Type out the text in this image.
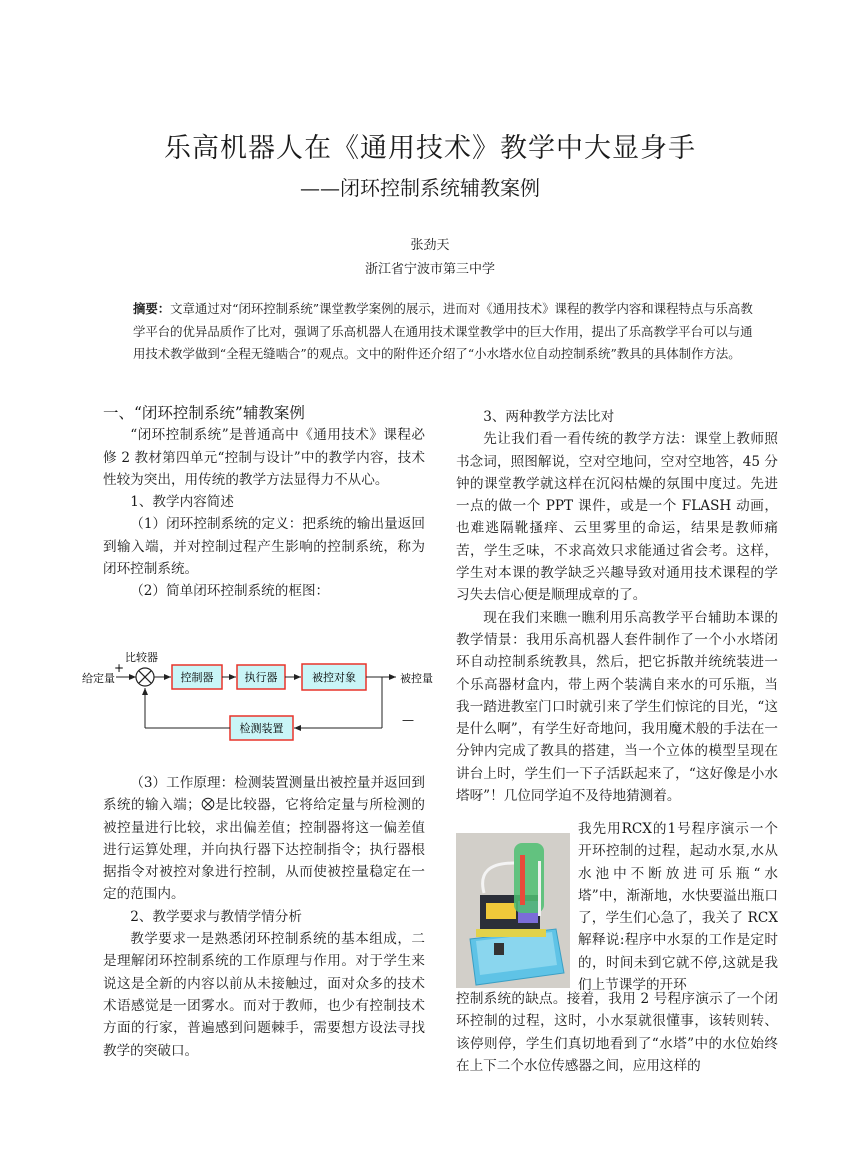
乐高机器人在《通用技术》教学中大显身手
——闭环控制系统辅教案例
张劲天
浙江省宁波市第三中学
摘要：文章通过对“闭环控制系统”课堂教学案例的展示，进而对《通用技术》课程的教学内容和课程特点与乐高教学平台的优异品质作了比对，强调了乐高机器人在通用技术课堂教学中的巨大作用，提出了乐高教学平台可以与通用技术教学做到“全程无缝啮合”的观点。文中的附件还介绍了“小水塔水位自动控制系统”教具的具体制作方法。

一、“闭环控制系统”辅教案例

“闭环控制系统”是普通高中《通用技术》课程必修 2 教材第四单元“控制与设计”中的教学内容，技术性较为突出，用传统的教学方法显得力不从心。

1、教学内容简述

（1）闭环控制系统的定义：把系统的输出量返回到输入端，并对控制过程产生影响的控制系统，称为闭环控制系统。

（2）简单闭环控制系统的框图：

比较器
+
给定量	控制器	执行器	被控对象	被控量
检测装置
—

（3）工作原理：检测装置测量出被控量并返回到系统的输入端； 是比较器，它将给定量与所检测的被控量进行比较，求出偏差值；控制器将这一偏差值进行运算处理，并向执行器下达控制指令；执行器根据指令对被控对象进行控制，从而使被控量稳定在一定的范围内。

2、教学要求与教情学情分析

教学要求一是熟悉闭环控制系统的基本组成，二是理解闭环控制系统的工作原理与作用。对于学生来说这是全新的内容以前从未接触过，面对众多的技术术语感觉是一团雾水。而对于教师，也少有控制技术方面的行家，普遍感到问题棘手，需要想方设法寻找教学的突破口。

3、两种教学方法比对

先让我们看一看传统的教学方法：课堂上教师照书念词，照图解说，空对空地问，空对空地答，45 分钟的课堂教学就这样在沉闷枯燥的氛围中度过。先进一点的做一个 PPT 课件，或是一个 FLASH 动画，也难逃隔靴搔痒、云里雾里的命运，结果是教师痛苦，学生乏味，不求高效只求能通过省会考。这样，学生对本课的教学缺乏兴趣导致对通用技术课程的学习失去信心便是顺理成章的了。

现在我们来瞧一瞧利用乐高教学平台辅助本课的教学情景：我用乐高机器人套件制作了一个小水塔闭环自动控制系统教具，然后，把它拆散并统统装进一个乐高器材盒内，带上两个装满自来水的可乐瓶，当我一踏进教室门口时就引来了学生们惊诧的目光，“这是什么啊”，有学生好奇地问，我用魔术般的手法在一分钟内完成了教具的搭建，当一个立体的模型呈现在讲台上时，学生们一下子活跃起来了，“这好像是小水塔呀”！几位同学迫不及待地猜测着。

我先用RCX的1号程序演示一个开环控制的过程，起动水泵,水从水池中不断放进可乐瓶“水塔”中，渐渐地，水快要溢出瓶口了，学生们心急了，我关了 RCX 解释说:程序中水泵的工作是定时的，时间未到它就不停,这就是我们上节课学的开环

控制系统的缺点。接着，我用 2 号程序演示了一个闭环控制的过程，这时，小水泵就很懂事，该转则转、该停则停，学生们真切地看到了“水塔”中的水位始终在上下二个水位传感器之间，应用这样的
